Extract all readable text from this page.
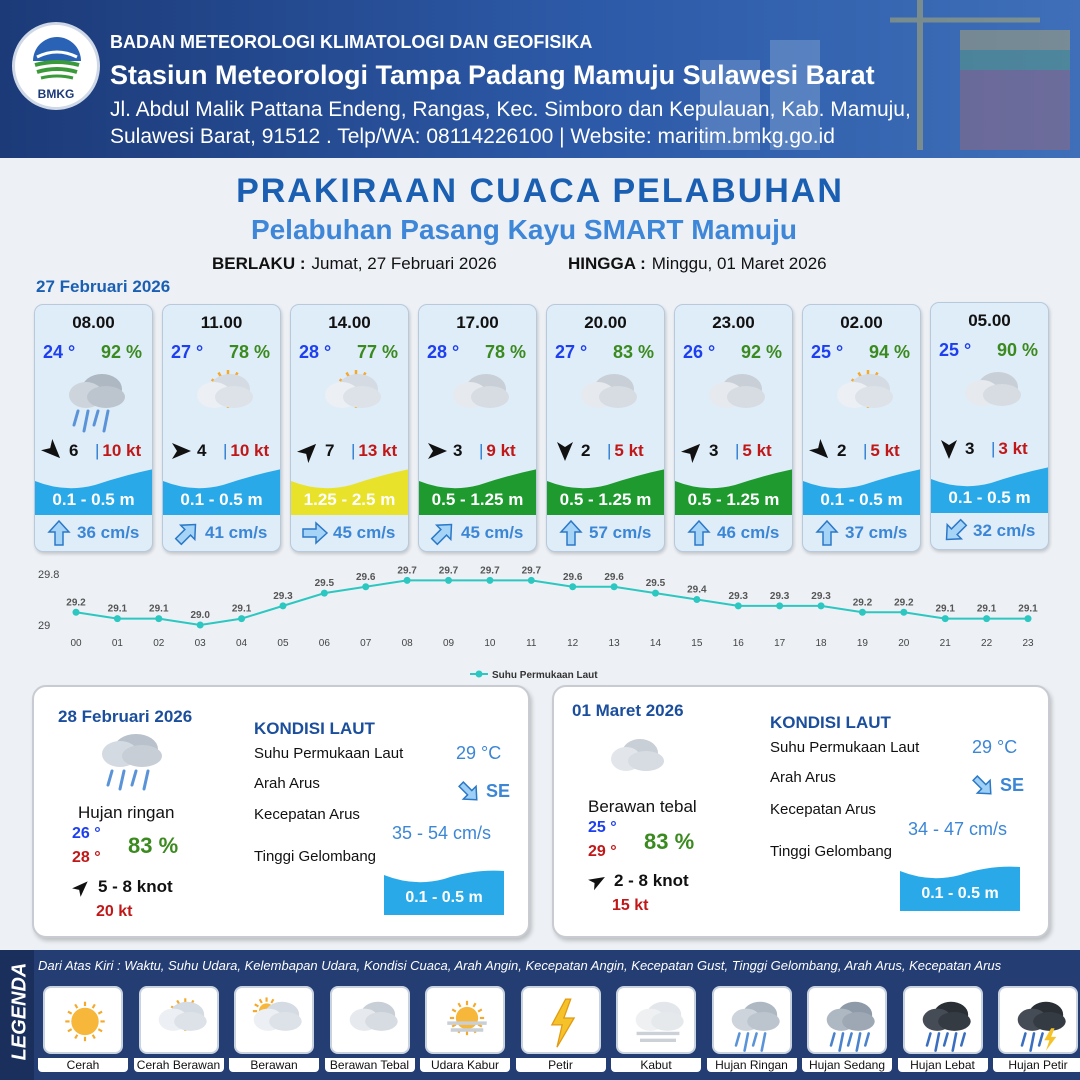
BMKG
BADAN METEOROLOGI KLIMATOLOGI DAN GEOFISIKA
Stasiun Meteorologi Tampa Padang Mamuju Sulawesi Barat
Jl. Abdul Malik Pattana Endeng, Rangas, Kec. Simboro dan Kepulauan, Kab. Mamuju,
Sulawesi Barat, 91512 . Telp/WA: 08114226100 | Website: maritim.bmkg.go.id
PRAKIRAAN CUACA PELABUHAN
Pelabuhan Pasang Kayu SMART Mamuju
BERLAKU : Jumat, 27 Februari 2026	HINGGA : Minggu, 01 Maret 2026
27 Februari 2026
08.00
24 ° 92 %
6 | 10 kt
0.1 - 0.5 m
36 cm/s
11.00
27 ° 78 %
4 | 10 kt
0.1 - 0.5 m
41 cm/s
14.00
28 ° 77 %
7 | 13 kt
1.25 - 2.5 m
45 cm/s
17.00
28 ° 78 %
3 | 9 kt
0.5 - 1.25 m
45 cm/s
20.00
27 ° 83 %
2 | 5 kt
0.5 - 1.25 m
57 cm/s
23.00
26 ° 92 %
3 | 5 kt
0.5 - 1.25 m
46 cm/s
02.00
25 ° 94 %
2 | 5 kt
0.1 - 0.5 m
37 cm/s
05.00
25 ° 90 %
3 | 3 kt
0.1 - 0.5 m
32 cm/s
29.8
29
29.2
00
29.1
01
29.1
02
29.0
03
29.1
04
29.3
05
29.5
06
29.6
07
29.7
08
29.7
09
29.7
10
29.7
11
29.6
12
29.6
13
29.5
14
29.4
15
29.3
16
29.3
17
29.3
18
29.2
19
29.2
20
29.1
21
29.1
22
29.1
23
Suhu Permukaan Laut
28 Februari 2026
Hujan ringan
26 °
28 ° 83 %
5 - 8 knot
20 kt
KONDISI LAUT
Suhu Permukaan Laut	29 °C
Arah Arus	SE
Kecepatan Arus
35 - 54 cm/s
Tinggi Gelombang
0.1 - 0.5 m
01 Maret 2026
Berawan tebal
25 °
29 ° 83 %
2 - 8 knot
15 kt
KONDISI LAUT
Suhu Permukaan Laut	29 °C
Arah Arus	SE
Kecepatan Arus
34 - 47 cm/s
Tinggi Gelombang
0.1 - 0.5 m
LEGENDA Dari Atas Kiri : Waktu, Suhu Udara, Kelembapan Udara, Kondisi Cuaca, Arah Angin, Kecepatan Angin, Kecepatan Gust, Tinggi Gelombang, Arah Arus, Kecepatan Arus
Cerah	Cerah Berawan	Berawan	Berawan Tebal	Udara Kabur	Petir	Kabut	Hujan Ringan	Hujan Sedang	Hujan Lebat	Hujan Petir
